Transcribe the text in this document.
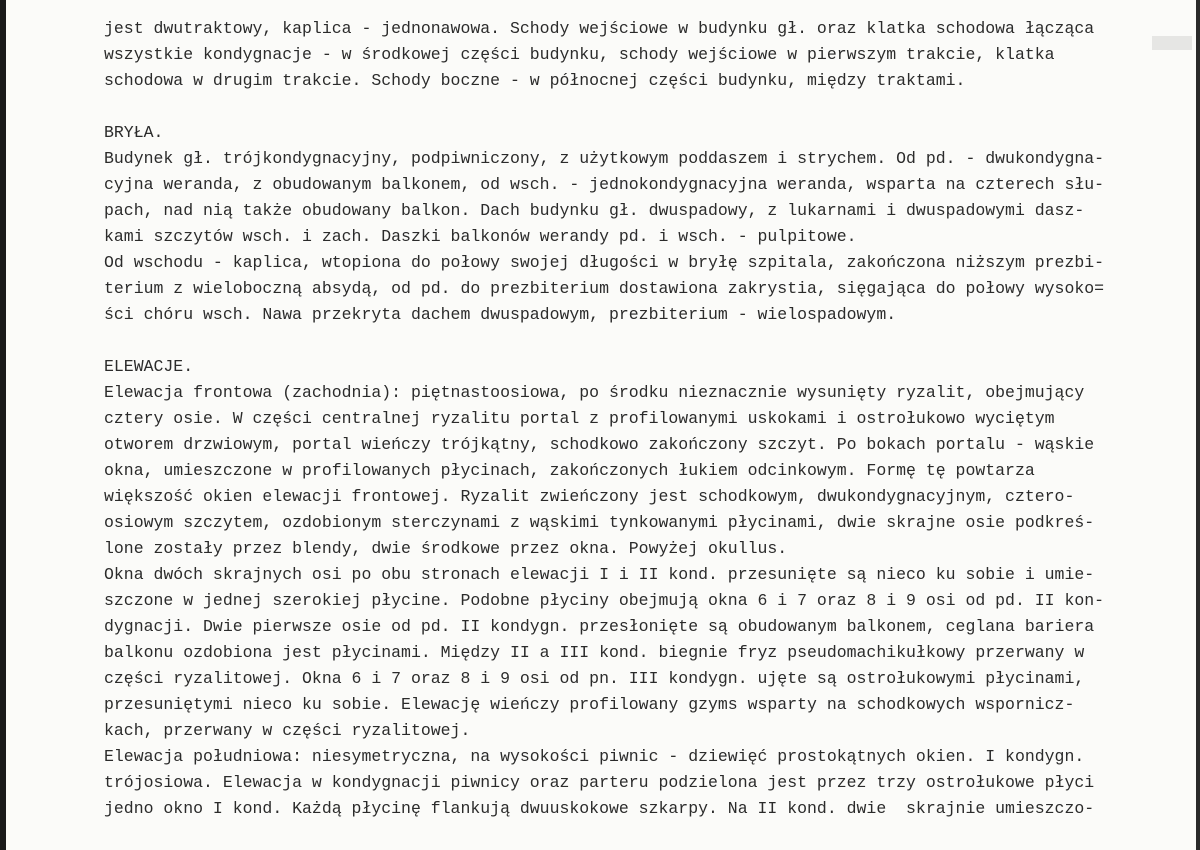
jest dwutraktowy, kaplica - jednonawowa. Schody wejściowe w budynku gł. oraz klatka schodowa łącząca
wszystkie kondygnacje - w środkowej części budynku, schody wejściowe w pierwszym trakcie, klatka
schodowa w drugim trakcie. Schody boczne - w północnej części budynku, między traktami.
BRYŁA.
Budynek gł. trójkondygnacyjny, podpiwniczony, z użytkowym poddaszem i strychem. Od pd. - dwukondygna-
cyjna weranda, z obudowanym balkonem, od wsch. - jednokondygnacyjna weranda, wsparta na czterech słu-
pach, nad nią także obudowany balkon. Dach budynku gł. dwuspadowy, z lukarnami i dwuspadowymi dasz-
kami szczytów wsch. i zach. Daszki balkonów werandy pd. i wsch. - pulpitowe.
Od wschodu - kaplica, wtopiona do połowy swojej długości w bryłę szpitala, zakończona niższym prezbi-
terium z wieloboczną absydą, od pd. do prezbiterium dostawiona zakrystia, sięgająca do połowy wysoko=
ści chóru wsch. Nawa przekryta dachem dwuspadowym, prezbiterium - wielospadowym.
ELEWACJE.
Elewacja frontowa (zachodnia): piętnastoosiowa, po środku nieznacznie wysunięty ryzalit, obejmujący
cztery osie. W części centralnej ryzalitu portal z profilowanymi uskokami i ostrołukowo wyciętym
otworem drzwiowym, portal wieńczy trójkątny, schodkowo zakończony szczyt. Po bokach portalu - wąskie
okna, umieszczone w profilowanych płycinach, zakończonych łukiem odcinkowym. Formę tę powtarza
większość okien elewacji frontowej. Ryzalit zwieńczony jest schodkowym, dwukondygnacyjnym, cztero-
osiowym szczytem, ozdobionym sterczynami z wąskimi tynkowanymi płycinami, dwie skrajne osie podkreś-
lone zostały przez blendy, dwie środkowe przez okna. Powyżej okullus.
Okna dwóch skrajnych osi po obu stronach elewacji I i II kond. przesunięte są nieco ku sobie i umie-
szczone w jednej szerokiej płycine. Podobne płyciny obejmują okna 6 i 7 oraz 8 i 9 osi od pd. II kon-
dygnacji. Dwie pierwsze osie od pd. II kondygn. przesłonięte są obudowanym balkonem, ceglana bariera
balkonu ozdobiona jest płycinami. Między II a III kond. biegnie fryz pseudomachikułkowy przerwany w
części ryzalitowej. Okna 6 i 7 oraz 8 i 9 osi od pn. III kondygn. ujęte są ostrołukowymi płycinami,
przesuniętymi nieco ku sobie. Elewację wieńczy profilowany gzyms wsparty na schodkowych wspornicz-
kach, przerwany w części ryzalitowej.
Elewacja południowa: niesymetryczna, na wysokości piwnic - dziewięć prostokątnych okien. I kondygn.
trójosiowa. Elewacja w kondygnacji piwnicy oraz parteru podzielona jest przez trzy ostrołukowe płyci
jedno okno I kond. Każdą płycinę flankują dwuuskokowe szkarpy. Na II kond. dwie  skrajnie umieszczo-
